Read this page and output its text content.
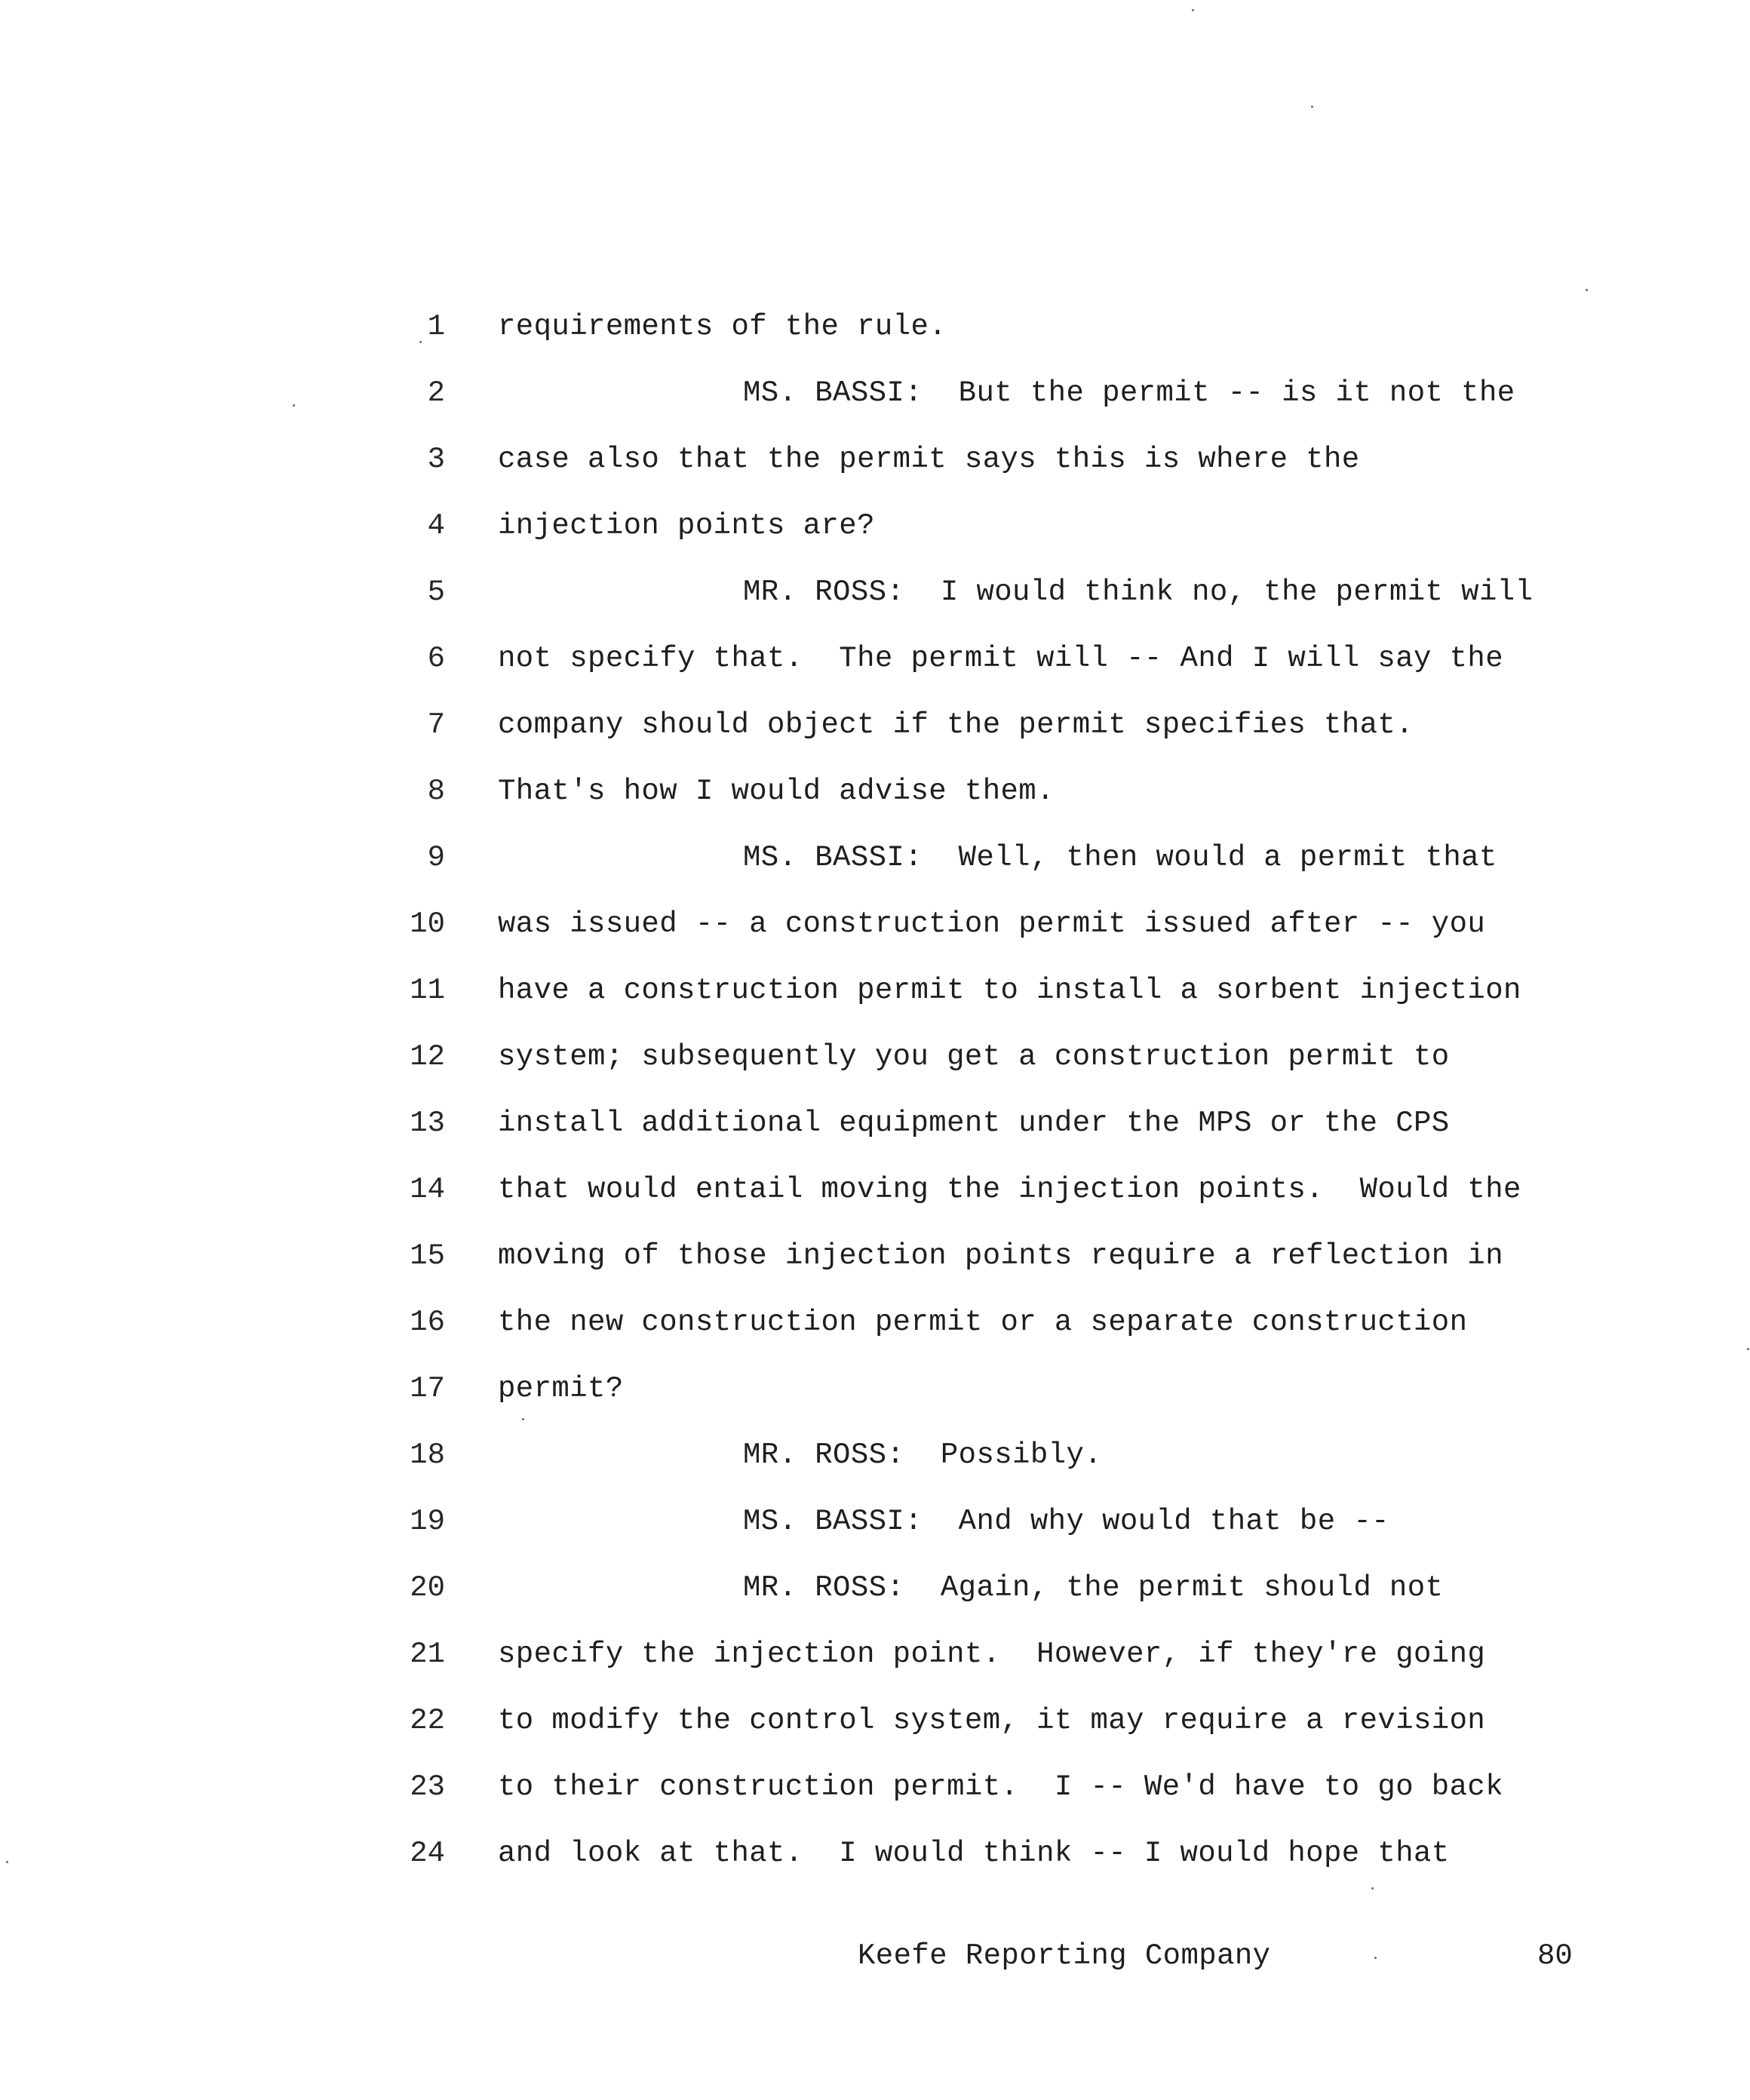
1 requirements of the rule.
2	MS. BASSI:  But the permit -- is it not the
3 case also that the permit says this is where the
4 injection points are?
5	MR. ROSS:  I would think no, the permit will
6 not specify that.  The permit will -- And I will say the
7 company should object if the permit specifies that.
8 That's how I would advise them.
9	MS. BASSI:  Well, then would a permit that
10 was issued -- a construction permit issued after -- you
11 have a construction permit to install a sorbent injection
12 system; subsequently you get a construction permit to
13 install additional equipment under the MPS or the CPS
14 that would entail moving the injection points.  Would the
15 moving of those injection points require a reflection in
16 the new construction permit or a separate construction
17 permit?
18	MR. ROSS:  Possibly.
19	MS. BASSI:  And why would that be --
20	MR. ROSS:  Again, the permit should not
21 specify the injection point.  However, if they're going
22 to modify the control system, it may require a revision
23 to their construction permit.  I -- We'd have to go back
24 and look at that.  I would think -- I would hope that
Keefe Reporting Company	80
